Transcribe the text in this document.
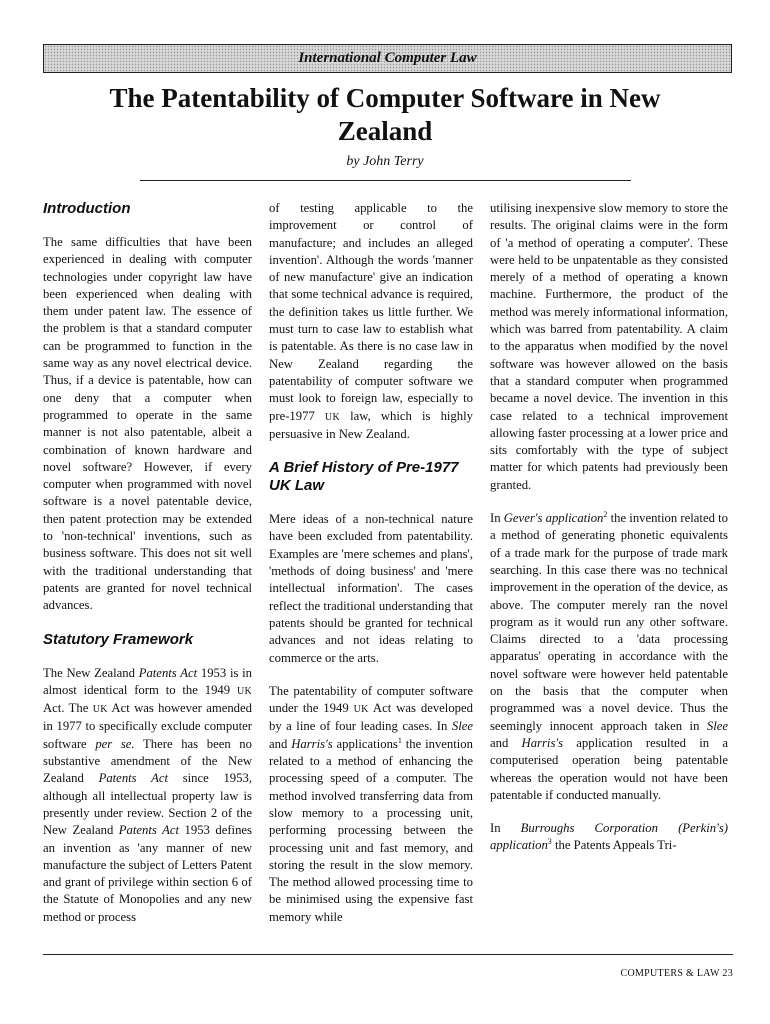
International Computer Law
The Patentability of Computer Software in New Zealand
by John Terry
Introduction

The same difficulties that have been experienced in dealing with computer technologies under copyright law have been experienced when dealing with them under patent law. The essence of the problem is that a standard computer can be programmed to function in the same way as any novel electrical device. Thus, if a device is patentable, how can one deny that a computer when programmed to operate in the same manner is not also patentable, albeit a combination of known hardware and novel software? However, if every computer when programmed with novel software is a novel patentable device, then patent protection may be extended to 'non-technical' inventions, such as business software. This does not sit well with the traditional understanding that patents are granted for novel technical advances.

Statutory Framework

The New Zealand Patents Act 1953 is in almost identical form to the 1949 UK Act. The UK Act was however amended in 1977 to specifically exclude computer software per se. There has been no substantive amendment of the New Zealand Patents Act since 1953, although all intellectual property law is presently under review. Section 2 of the New Zealand Patents Act 1953 defines an invention as 'any manner of new manufacture the subject of Letters Patent and grant of privilege within section 6 of the Statute of Monopolies and any new method or process

of testing applicable to the improvement or control of manufacture; and includes an alleged invention'. Although the words 'manner of new manufacture' give an indication that some technical advance is required, the definition takes us little further. We must turn to case law to establish what is patentable. As there is no case law in New Zealand regarding the patentability of computer software we must look to foreign law, especially to pre-1977 UK law, which is highly persuasive in New Zealand.

A Brief History of Pre-1977 UK Law

Mere ideas of a non-technical nature have been excluded from patentability. Examples are 'mere schemes and plans', 'methods of doing business' and 'mere intellectual information'. The cases reflect the traditional understanding that patents should be granted for technical advances and not ideas relating to commerce or the arts.

The patentability of computer software under the 1949 UK Act was developed by a line of four leading cases. In Slee and Harris's applications$^1$ the invention related to a method of enhancing the processing speed of a computer. The method involved transferring data from slow memory to a processing unit, performing processing between the processing unit and fast memory, and storing the result in the slow memory. The method allowed processing time to be minimised using the expensive fast memory while

utilising inexpensive slow memory to store the results. The original claims were in the form of 'a method of operating a computer'. These were held to be unpatentable as they consisted merely of a method of operating a known machine. Furthermore, the product of the method was merely informational information, which was barred from patentability. A claim to the apparatus when modified by the novel software was however allowed on the basis that a standard computer when programmed became a novel device. The invention in this case related to a technical improvement allowing faster processing at a lower price and sits comfortably with the type of subject matter for which patents had previously been granted.

In Gever's application$^2$ the invention related to a method of generating phonetic equivalents of a trade mark for the purpose of trade mark searching. In this case there was no technical improvement in the operation of the device, as above. The computer merely ran the novel program as it would run any other software. Claims directed to a 'data processing apparatus' operating in accordance with the novel software were however held patentable on the basis that the computer when programmed was a novel device. Thus the seemingly innocent approach taken in Slee and Harris's application resulted in a computerised operation being patentable whereas the operation would not have been patentable if conducted manually.

In Burroughs Corporation (Perkin's) application$^3$ the Patents Appeals Tri-

COMPUTERS & LAW 23
